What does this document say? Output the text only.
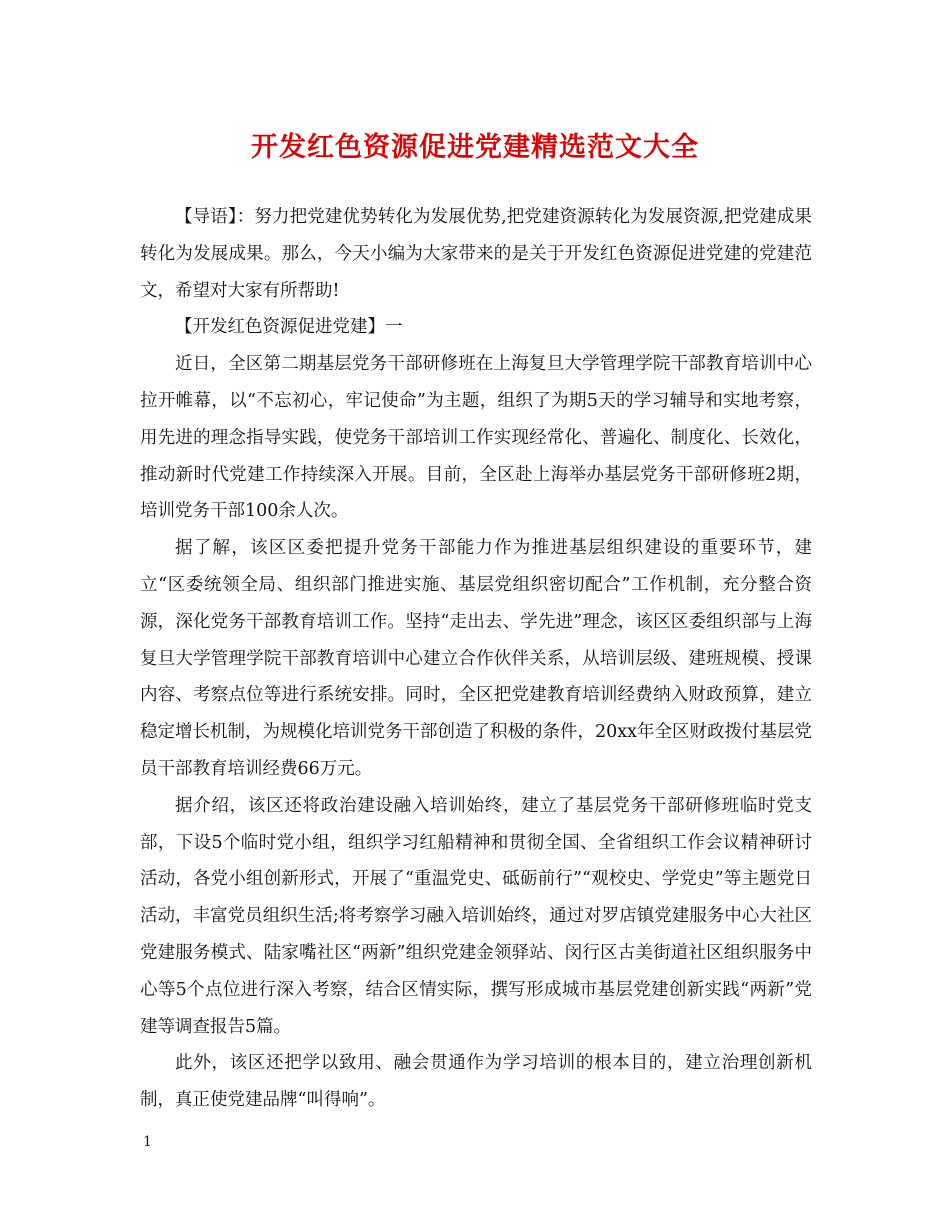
开发红色资源促进党建精选范文大全

【导语】：努力把党建优势转化为发展优势,把党建资源转化为发展资源,把党建成果转化为发展成果。那么，今天小编为大家带来的是关于开发红色资源促进党建的党建范文，希望对大家有所帮助!

【开发红色资源促进党建】一

近日，全区第二期基层党务干部研修班在上海复旦大学管理学院干部教育培训中心拉开帷幕，以“不忘初心，牢记使命”为主题，组织了为期5天的学习辅导和实地考察，用先进的理念指导实践，使党务干部培训工作实现经常化、普遍化、制度化、长效化，推动新时代党建工作持续深入开展。目前，全区赴上海举办基层党务干部研修班2期，培训党务干部100余人次。

据了解，该区区委把提升党务干部能力作为推进基层组织建设的重要环节，建立“区委统领全局、组织部门推进实施、基层党组织密切配合”工作机制，充分整合资源，深化党务干部教育培训工作。坚持“走出去、学先进”理念，该区区委组织部与上海复旦大学管理学院干部教育培训中心建立合作伙伴关系，从培训层级、建班规模、授课内容、考察点位等进行系统安排。同时，全区把党建教育培训经费纳入财政预算，建立稳定增长机制，为规模化培训党务干部创造了积极的条件，20xx年全区财政拨付基层党员干部教育培训经费66万元。

据介绍，该区还将政治建设融入培训始终，建立了基层党务干部研修班临时党支部，下设5个临时党小组，组织学习红船精神和贯彻全国、全省组织工作会议精神研讨活动，各党小组创新形式，开展了“重温党史、砥砺前行”“观校史、学党史”等主题党日活动，丰富党员组织生活;将考察学习融入培训始终，通过对罗店镇党建服务中心大社区党建服务模式、陆家嘴社区“两新”组织党建金领驿站、闵行区古美街道社区组织服务中心等5个点位进行深入考察，结合区情实际，撰写形成城市基层党建创新实践“两新”党建等调查报告5篇。

此外，该区还把学以致用、融会贯通作为学习培训的根本目的，建立治理创新机制，真正使党建品牌“叫得响”。

1
